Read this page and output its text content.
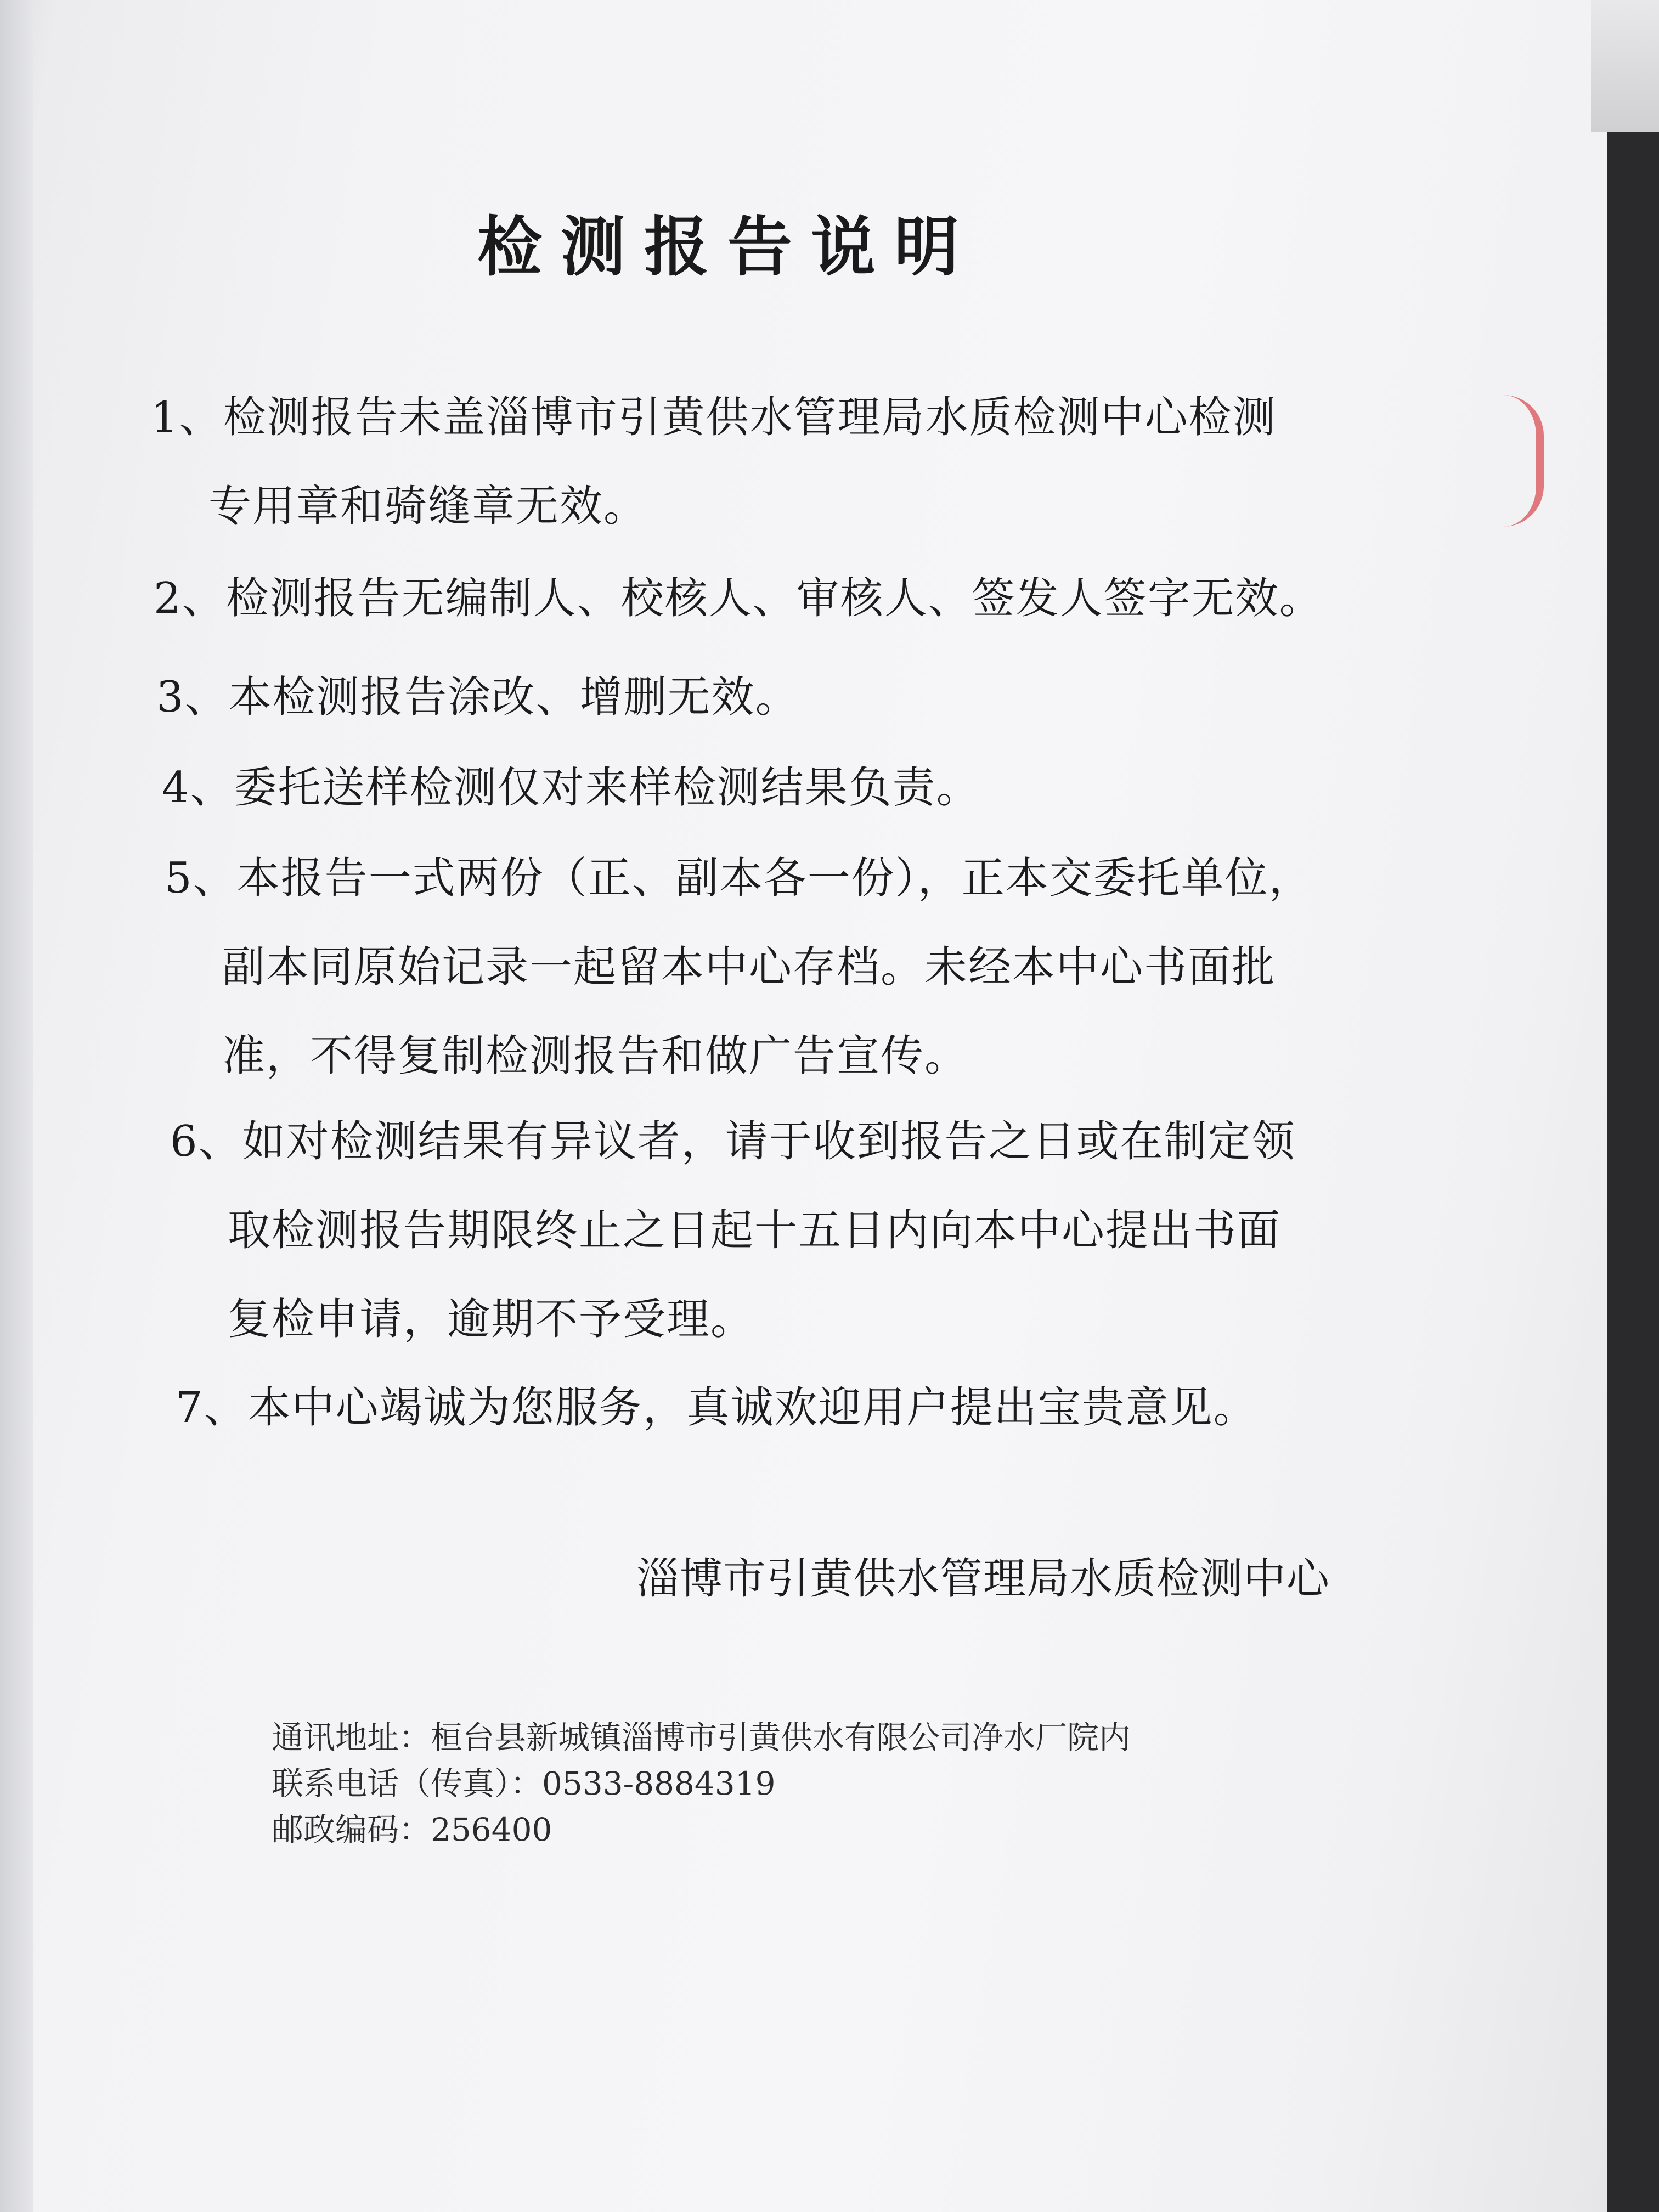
检测报告说明
1、检测报告未盖淄博市引黄供水管理局水质检测中心检测
专用章和骑缝章无效。
2、检测报告无编制人、校核人、审核人、签发人签字无效。
3、本检测报告涂改、增删无效。
4、委托送样检测仅对来样检测结果负责。
5、本报告一式两份（正、副本各一份），正本交委托单位，
副本同原始记录一起留本中心存档。未经本中心书面批
准，不得复制检测报告和做广告宣传。
6、如对检测结果有异议者，请于收到报告之日或在制定领
取检测报告期限终止之日起十五日内向本中心提出书面
复检申请，逾期不予受理。
7、本中心竭诚为您服务，真诚欢迎用户提出宝贵意见。
淄博市引黄供水管理局水质检测中心
通讯地址：桓台县新城镇淄博市引黄供水有限公司净水厂院内
联系电话（传真）：0533-8884319
邮政编码：256400
